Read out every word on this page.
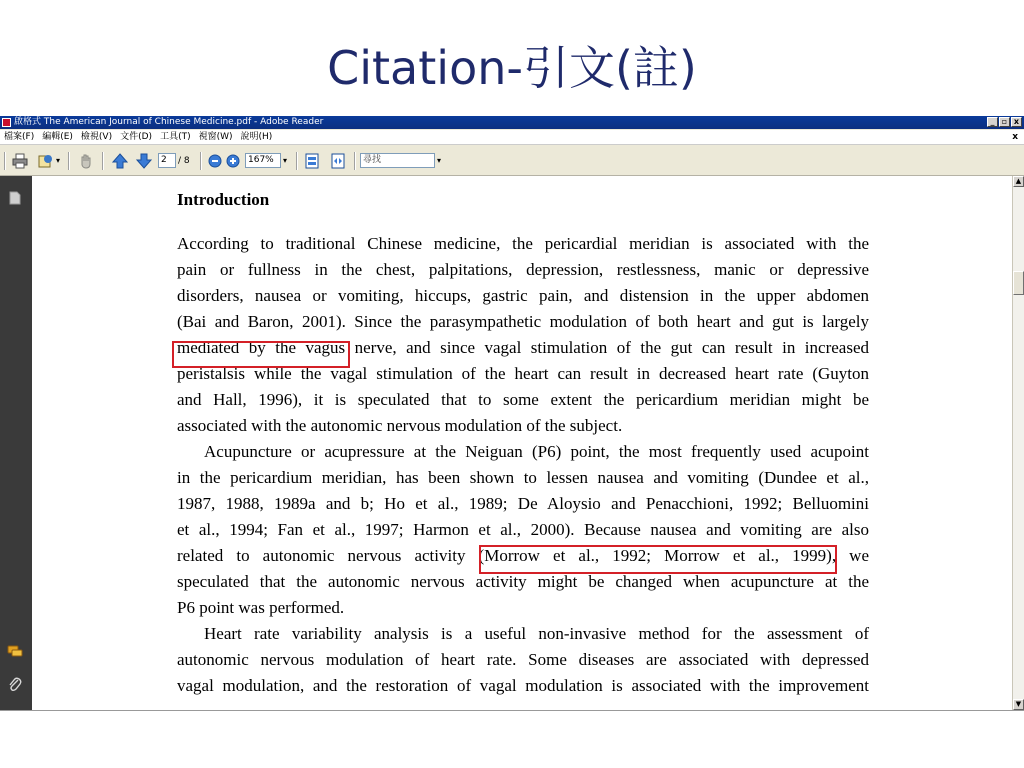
Citation-引文(註)
啟格式 The American Journal of Chinese Medicine.pdf - Adobe Reader	_ ▫ x
檔案(F) 編輯(E) 檢視(V) 文件(D) 工具(T) 視窗(W) 說明(H)	x
▾	2	/ 8	167%	▾	尋找	▾
Introduction
According to traditional Chinese medicine, the pericardial meridian is associated with the
pain or fullness in the chest, palpitations, depression, restlessness, manic or depressive
disorders, nausea or vomiting, hiccups, gastric pain, and distension in the upper abdomen
(Bai and Baron, 2001). Since the parasympathetic modulation of both heart and gut is largely
mediated by the vagus nerve, and since vagal stimulation of the gut can result in increased
peristalsis while the vagal stimulation of the heart can result in decreased heart rate (Guyton
and Hall, 1996), it is speculated that to some extent the pericardium meridian might be
associated with the autonomic nervous modulation of the subject.
Acupuncture or acupressure at the Neiguan (P6) point, the most frequently used acupoint
in the pericardium meridian, has been shown to lessen nausea and vomiting (Dundee et al.,
1987, 1988, 1989a and b; Ho et al., 1989; De Aloysio and Penacchioni, 1992; Belluomini
et al., 1994; Fan et al., 1997; Harmon et al., 2000). Because nausea and vomiting are also
related to autonomic nervous activity (Morrow et al., 1992; Morrow et al., 1999), we
speculated that the autonomic nervous activity might be changed when acupuncture at the
P6 point was performed.
Heart rate variability analysis is a useful non-invasive method for the assessment of
autonomic nervous modulation of heart rate. Some diseases are associated with depressed
vagal modulation, and the restoration of vagal modulation is associated with the improvement
▲
▼
